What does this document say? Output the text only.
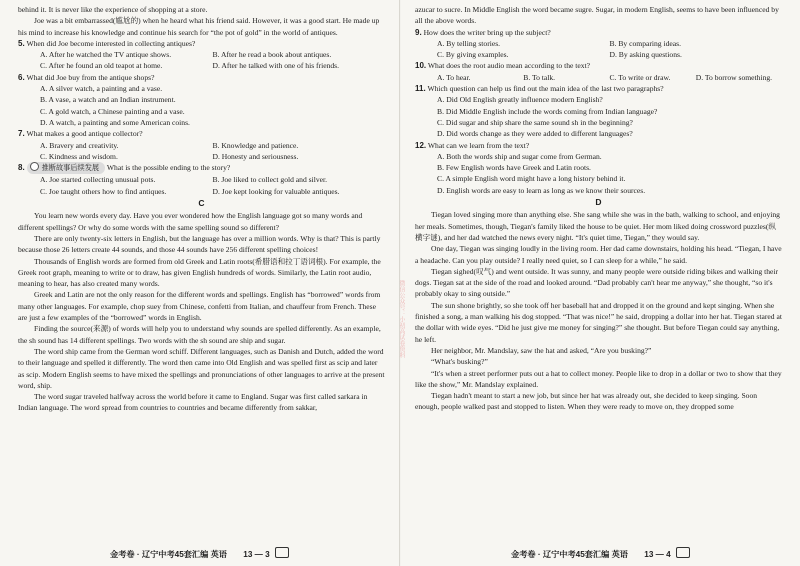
behind it. It is never like the experience of shopping at a store.

Joe was a bit embarrassed(尴尬的) when he heard what his friend said. However, it was a good start. He made up his mind to increase his knowledge and continue his search for “the pot of gold” in the world of antiques.

5. When did Joe become interested in collecting antiques?
A. After he watched the TV antique shows.	B. After he read a book about antiques.
C. After he found an old teapot at home.	D. After he talked with one of his friends.
6. What did Joe buy from the antique shops?
A. A silver watch, a painting and a vase.
B. A vase, a watch and an Indian instrument.
C. A gold watch, a Chinese painting and a vase.
D. A watch, a painting and some American coins.
7. What makes a good antique collector?
A. Bravery and creativity.	B. Knowledge and patience.
C. Kindness and wisdom.	D. Honesty and seriousness.
8. 推断故事后续发展 What is the possible ending to the story?
A. Joe started collecting unusual pots.	B. Joe liked to collect gold and silver.
C. Joe taught others how to find antiques.	D. Joe kept looking for valuable antiques.
C

You learn new words every day. Have you ever wondered how the English language got so many words and different spellings? Or why do some words with the same spelling sound so different?

There are only twenty-six letters in English, but the language has over a million words. Why is that? This is partly because those 26 letters create 44 sounds, and those 44 sounds have 256 different spelling choices!

Thousands of English words are formed from old Greek and Latin roots(希腊语和拉丁语词根). For example, the Greek root graph, meaning to write or to draw, has given English hundreds of words. Similarly, the Latin root audio, meaning to hear, has also created many words.

Greek and Latin are not the only reason for the different words and spellings. English has “borrowed” words from many other languages. For example, chop suey from Chinese, confetti from Italian, and chauffeur from French. These are just a few examples of the “borrowed” words in English.

Finding the source(来源) of words will help you to understand why sounds are spelled differently. As an example, the sh sound has 14 different spellings. Two words with the sh sound are ship and sugar.

The word ship came from the German word schiff. Different languages, such as Danish and Dutch, added the word to their language and spelled it differently. The word then came into Old English and was spelled first as scip and later as scip. Modern English seems to have mixed the spellings and pronunciations of other languages to arrive at the present word, ship.

The word sugar traveled halfway across the world before it came to England. Sugar was first called sarkara in Indian language. The word spread from countries to countries and became differently from sakkar,

金考卷 · 辽宁中考45套汇编 英语 13 — 3

azucar to sucre. In Middle English the word became sugre. Sugar, in modern English, seems to have been influenced by all the above words.

9. How does the writer bring up the subject?
A. By telling stories.	B. By comparing ideas.
C. By giving examples.	D. By asking questions.
10. What does the root audio mean according to the text?
A. To hear.	B. To talk.	C. To write or draw.	D. To borrow something.
11. Which question can help us find out the main idea of the last two paragraphs?
A. Did Old English greatly influence modern English?
B. Did Middle English include the words coming from Indian language?
C. Did sugar and ship share the same sound sh in the beginning?
D. Did words change as they were added to different languages?
12. What can we learn from the text?
A. Both the words ship and sugar come from German.
B. Few English words have Greek and Latin roots.
C. A simple English word might have a long history behind it.
D. English words are easy to learn as long as we know their sources.
D

Tiegan loved singing more than anything else. She sang while she was in the bath, walking to school, and enjoying her meals. Sometimes, though, Tiegan's family liked the house to be quiet. Her mom liked doing crossword puzzles(纵横字谜), and her dad watched the news every night. “It's quiet time, Tiegan,” they would say.

One day, Tiegan was singing loudly in the living room. Her dad came downstairs, holding his head. “Tiegan, I have a headache. Can you play outside? I really need quiet, so I can sleep for a while,” he said.

Tiegan sighed(叹气) and went outside. It was sunny, and many people were outside riding bikes and walking their dogs. Tiegan sat at the side of the road and looked around. “Dad probably can't hear me anyway,” she thought, “so it's probably okay to sing outside.”

The sun shone brightly, so she took off her baseball hat and dropped it on the ground and kept singing. When she finished a song, a man walking his dog stopped. “That was nice!” he said, dropping a dollar into her hat. Tiegan stared at the dollar with wide eyes. “Did he just give me money for singing?” she thought. But before Tiegan could say anything, he left.

Her neighbor, Mr. Mandslay, saw the hat and asked, “Are you busking?”

“What's busking?”

“It's when a street performer puts out a hat to collect money. People like to drop in a dollar or two to show that they like the show,” Mr. Mandslay explained.

Tiegan hadn't meant to start a new job, but since her hat was already out, she decided to keep singing. Soon enough, people walked past and stopped to listen. When they were ready to move on, they dropped some

金考卷 · 辽宁中考45套汇编 英语 13 — 4
微信公众号：小初高试卷资料
